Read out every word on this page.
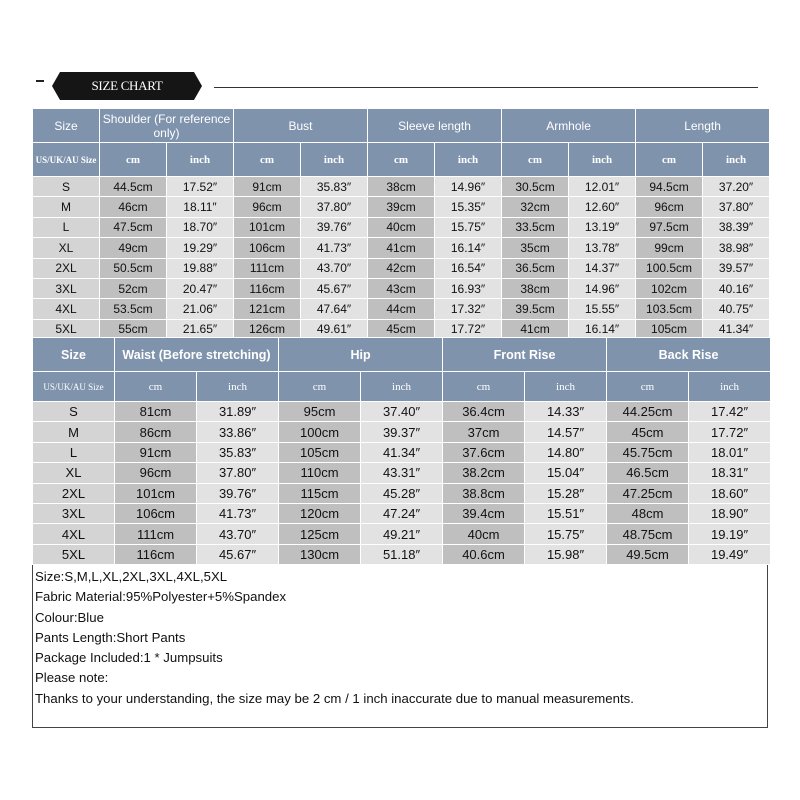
SIZE CHART
Size	Shoulder (For reference only)		Bust		Sleeve length		Armhole		Length	
US/UK/AU Size	cm	inch	cm	inch	cm	inch	cm	inch	cm	inch
S	44.5cm	17.52″	91cm	35.83″	38cm	14.96″	30.5cm	12.01″	94.5cm	37.20″
M	46cm	18.11″	96cm	37.80″	39cm	15.35″	32cm	12.60″	96cm	37.80″
L	47.5cm	18.70″	101cm	39.76″	40cm	15.75″	33.5cm	13.19″	97.5cm	38.39″
XL	49cm	19.29″	106cm	41.73″	41cm	16.14″	35cm	13.78″	99cm	38.98″
2XL	50.5cm	19.88″	111cm	43.70″	42cm	16.54″	36.5cm	14.37″	100.5cm	39.57″
3XL	52cm	20.47″	116cm	45.67″	43cm	16.93″	38cm	14.96″	102cm	40.16″
4XL	53.5cm	21.06″	121cm	47.64″	44cm	17.32″	39.5cm	15.55″	103.5cm	40.75″
5XL	55cm	21.65″	126cm	49.61″	45cm	17.72″	41cm	16.14″	105cm	41.34″
Size	Waist (Before stretching)		Hip		Front Rise		Back Rise	
US/UK/AU Size	cm	inch	cm	inch	cm	inch	cm	inch
S	81cm	31.89″	95cm	37.40″	36.4cm	14.33″	44.25cm	17.42″
M	86cm	33.86″	100cm	39.37″	37cm	14.57″	45cm	17.72″
L	91cm	35.83″	105cm	41.34″	37.6cm	14.80″	45.75cm	18.01″
XL	96cm	37.80″	110cm	43.31″	38.2cm	15.04″	46.5cm	18.31″
2XL	101cm	39.76″	115cm	45.28″	38.8cm	15.28″	47.25cm	18.60″
3XL	106cm	41.73″	120cm	47.24″	39.4cm	15.51″	48cm	18.90″
4XL	111cm	43.70″	125cm	49.21″	40cm	15.75″	48.75cm	19.19″
5XL	116cm	45.67″	130cm	51.18″	40.6cm	15.98″	49.5cm	19.49″
Size:S,M,L,XL,2XL,3XL,4XL,5XL
Fabric Material:95%Polyester+5%Spandex
Colour:Blue
Pants Length:Short Pants
Package Included:1 * Jumpsuits
Please note:
Thanks to your understanding, the size may be 2 cm / 1 inch inaccurate due to manual measurements.
